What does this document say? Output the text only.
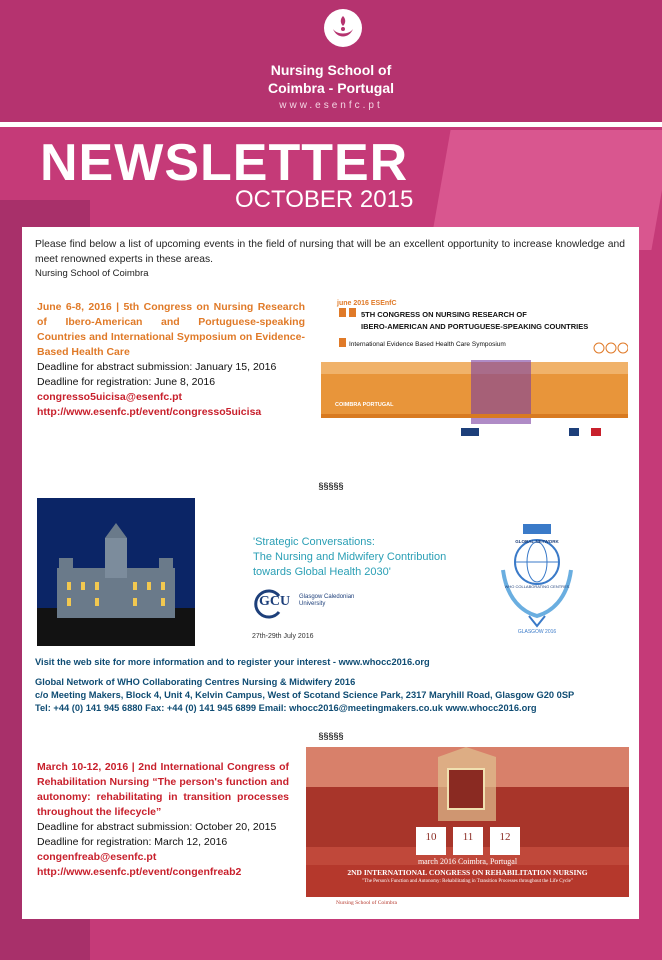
Nursing School of
Coimbra - Portugal
www.esenfc.pt
NEWSLETTER
OCTOBER 2015
Please find below a list of upcoming events in the field of nursing that will be an excellent opportunity to increase knowledge and meet renowned experts in these areas.
Nursing School of Coimbra
June 6-8, 2016 | 5th Congress on Nursing Research of Ibero-American and Portuguese-speaking Countries and International Symposium on Evidence-Based Health Care
Deadline for abstract submission: January 15, 2016
Deadline for registration: June 8, 2016
congresso5uicisa@esenfc.pt
http://www.esenfc.pt/event/congresso5uicisa
june 2016 ESEnfC
5TH CONGRESS ON NURSING RESEARCH OF
IBERO-AMERICAN AND PORTUGUESE-SPEAKING COUNTRIES
International Evidence Based Health Care Symposium
COIMBRA PORTUGAL
§§§§§
'Strategic Conversations:
The Nursing and Midwifery Contribution
towards Global Health 2030'
GCU Glasgow Caledonian University
27th-29th July 2016
GLOBAL NETWORK
WHO COLLABORATING CENTRES
GLASGOW 2016
Visit the web site for more information and to register your interest - www.whocc2016.org
Global Network of WHO Collaborating Centres Nursing & Midwifery 2016
c/o Meeting Makers, Block 4, Unit 4, Kelvin Campus, West of Scotand Science Park, 2317 Maryhill Road, Glasgow G20 0SP
Tel: +44 (0) 141 945 6880 Fax: +44 (0) 141 945 6899 Email: whocc2016@meetingmakers.co.uk www.whocc2016.org
§§§§§
March 10-12, 2016 | 2nd International Congress of Rehabilitation Nursing “The person's function and autonomy: rehabilitating in transition processes throughout the lifecycle”
Deadline for abstract submission: October 20, 2015
Deadline for registration: March 12, 2016
congenfreab@esenfc.pt
http://www.esenfc.pt/event/congenfreab2
10	11	12
march 2016 Coimbra, Portugal
2ND INTERNATIONAL CONGRESS ON REHABILITATION NURSING
"The Person's Function and Autonomy: Rehabilitating in Transition Processes throughout the Life Cycle"
Nursing School of Coimbra
